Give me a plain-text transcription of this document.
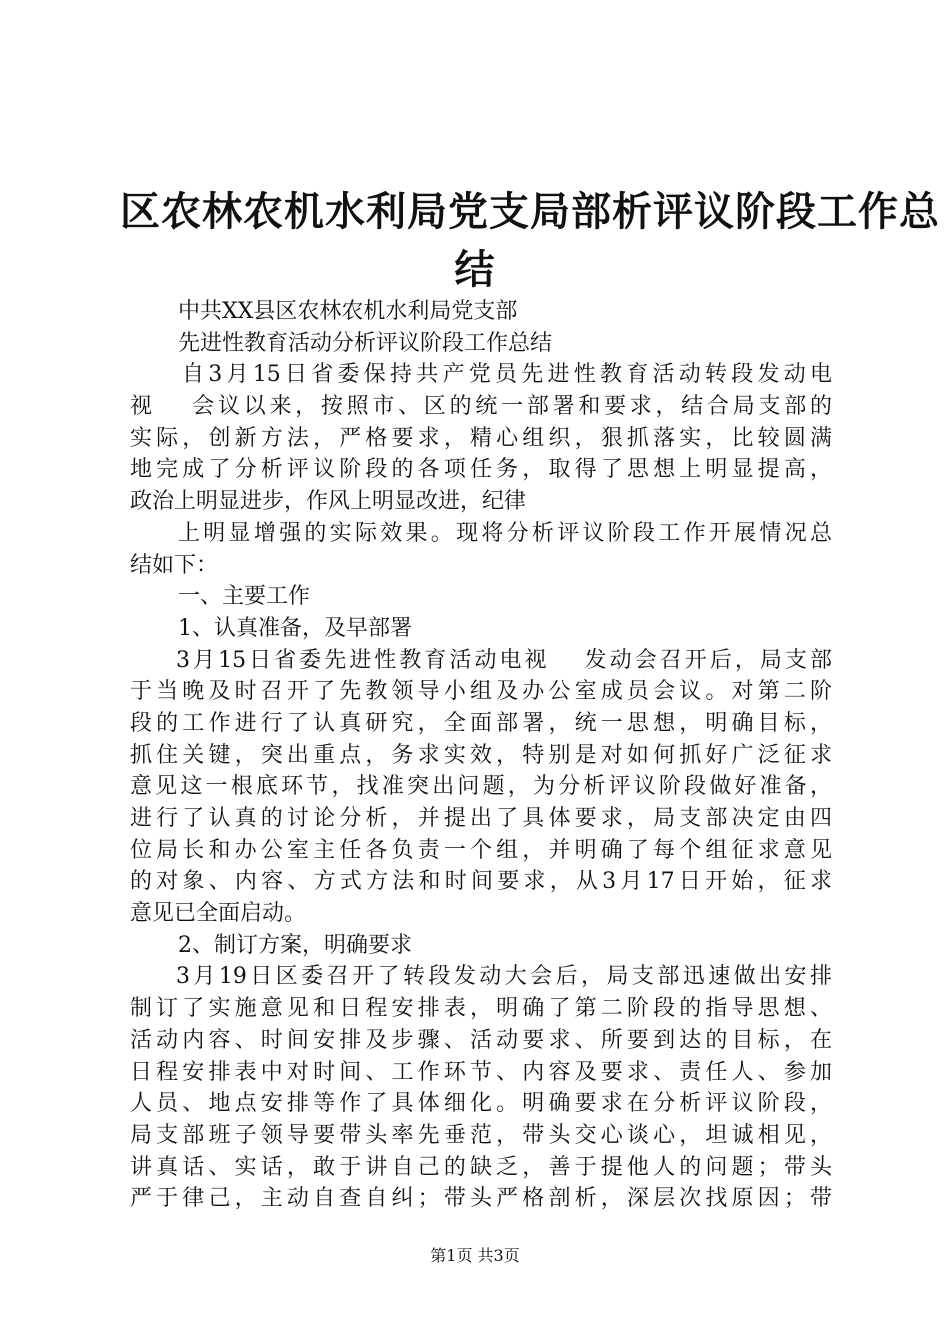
区农林农机水利局党支局部析评议阶段工作总
结
中共XX县区农林农机水利局党支部
先进性教育活动分析评议阶段工作总结
自3月15日省委保持共产党员先进性教育活动转段发动电
视　 会议以来，按照市、区的统一部署和要求，结合局支部的
实际，创新方法，严格要求，精心组织，狠抓落实，比较圆满
地完成了分析评议阶段的各项任务，取得了思想上明显提高，
政治上明显进步，作风上明显改进，纪律
上明显增强的实际效果。现将分析评议阶段工作开展情况总
结如下：
一、主要工作
1、认真准备，及早部署
3月15日省委先进性教育活动电视　 发动会召开后，局支部
于当晚及时召开了先教领导小组及办公室成员会议。对第二阶
段的工作进行了认真研究，全面部署，统一思想，明确目标，
抓住关键，突出重点，务求实效，特别是对如何抓好广泛征求
意见这一根底环节，找准突出问题，为分析评议阶段做好准备，
进行了认真的讨论分析，并提出了具体要求，局支部决定由四
位局长和办公室主任各负责一个组，并明确了每个组征求意见
的对象、内容、方式方法和时间要求，从3月17日开始，征求
意见已全面启动。
2、制订方案，明确要求
3月19日区委召开了转段发动大会后，局支部迅速做出安排
制订了实施意见和日程安排表，明确了第二阶段的指导思想、
活动内容、时间安排及步骤、活动要求、所要到达的目标，在
日程安排表中对时间、工作环节、内容及要求、责任人、参加
人员、地点安排等作了具体细化。明确要求在分析评议阶段，
局支部班子领导要带头率先垂范，带头交心谈心，坦诚相见，
讲真话、实话，敢于讲自己的缺乏，善于提他人的问题；带头
严于律己，主动自查自纠；带头严格剖析，深层次找原因；带
第1页 共3页
